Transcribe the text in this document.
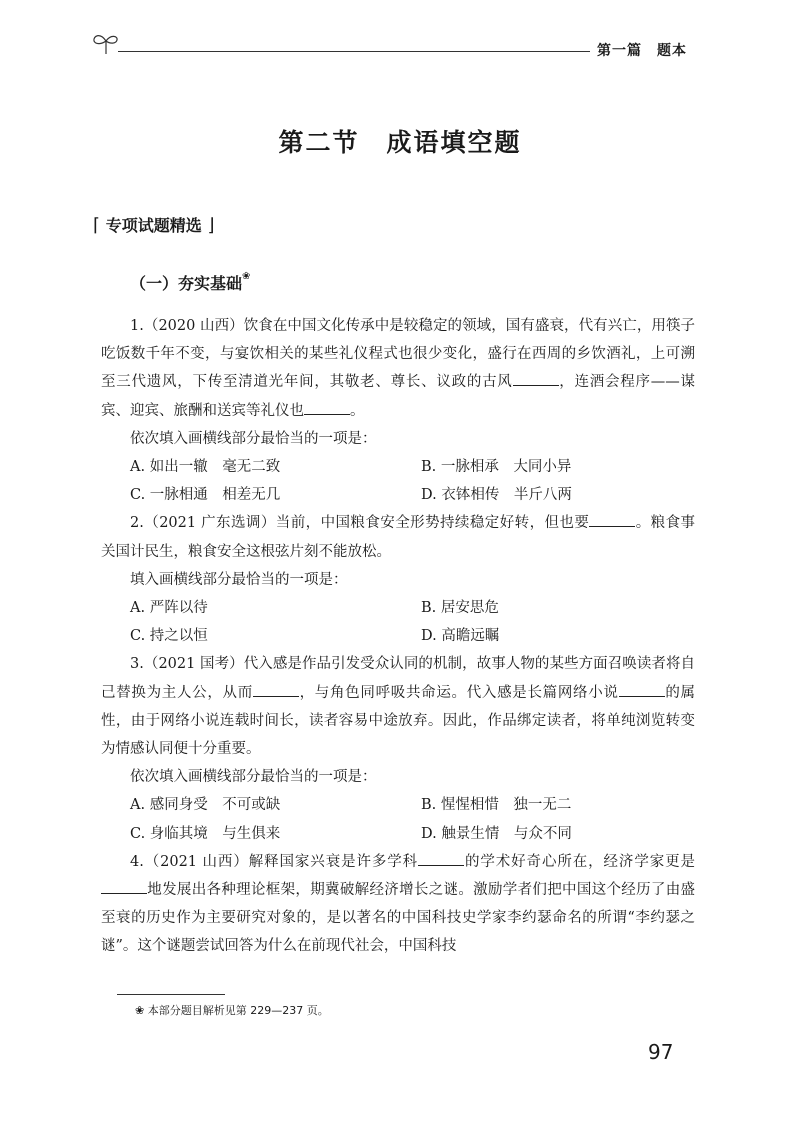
第一篇　题本
第二节　成语填空题
⌈ 专项试题精选 ⌋
（一）夯实基础❀

1.（2020 山西）饮食在中国文化传承中是较稳定的领域，国有盛衰，代有兴亡，用筷子吃饭数千年不变，与宴饮相关的某些礼仪程式也很少变化，盛行在西周的乡饮酒礼，上可溯至三代遗风，下传至清道光年间，其敬老、尊长、议政的古风	，连酒会程序——谋宾、迎宾、旅酬和送宾等礼仪也	。

依次填入画横线部分最恰当的一项是：

A. 如出一辙　毫无二致	B. 一脉相承　大同小异
C. 一脉相通　相差无几	D. 衣钵相传　半斤八两

2.（2021 广东选调）当前，中国粮食安全形势持续稳定好转，但也要	。粮食事关国计民生，粮食安全这根弦片刻不能放松。

填入画横线部分最恰当的一项是：

A. 严阵以待	B. 居安思危
C. 持之以恒	D. 高瞻远瞩

3.（2021 国考）代入感是作品引发受众认同的机制，故事人物的某些方面召唤读者将自己替换为主人公，从而	，与角色同呼吸共命运。代入感是长篇网络小说	的属性，由于网络小说连载时间长，读者容易中途放弃。因此，作品绑定读者，将单纯浏览转变为情感认同便十分重要。

依次填入画横线部分最恰当的一项是：

A. 感同身受　不可或缺	B. 惺惺相惜　独一无二
C. 身临其境　与生俱来	D. 触景生情　与众不同

4.（2021 山西）解释国家兴衰是许多学科	的学术好奇心所在，经济学家更是地发展出各种理论框架，期冀破解经济增长之谜。激励学者们把中国这个经历了由盛至衰的历史作为主要研究对象的，是以著名的中国科技史学家李约瑟命名的所谓“李约瑟之谜”。这个谜题尝试回答为什么在前现代社会，中国科技

❀ 本部分题目解析见第 229—237 页。
97
